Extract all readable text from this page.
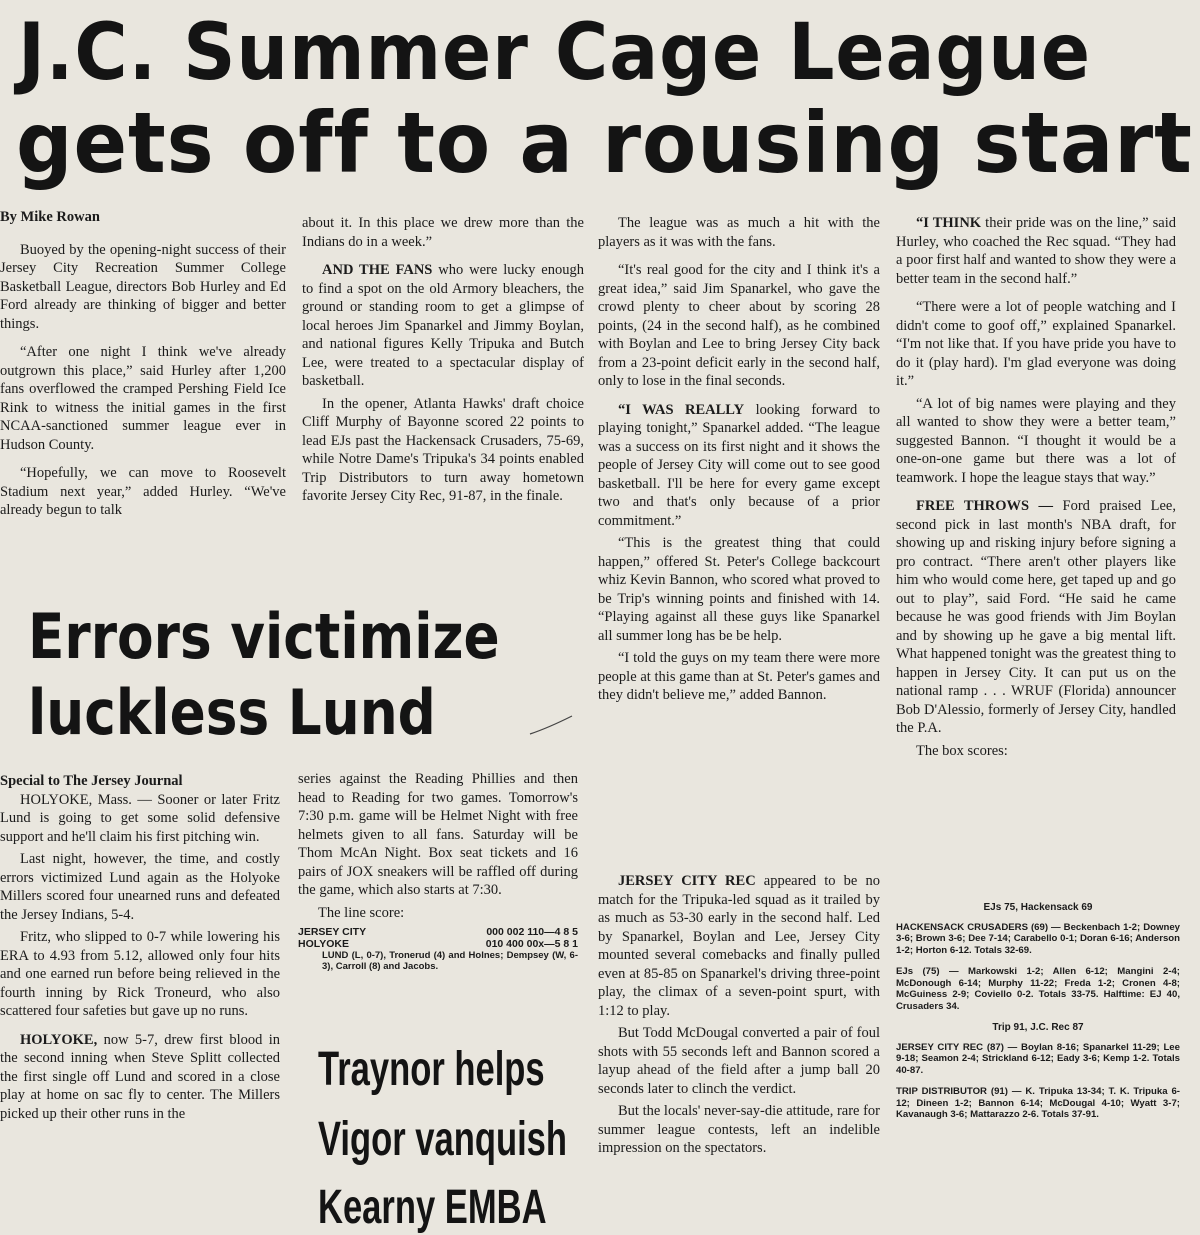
J.C. Summer Cage League
gets off to a rousing start

By Mike Rowan

Buoyed by the opening-night success of their Jersey City Recreation Summer College Basketball League, directors Bob Hurley and Ed Ford already are thinking of bigger and better things.

“After one night I think we've already outgrown this place,” said Hurley after 1,200 fans overflowed the cramped Pershing Field Ice Rink to witness the initial games in the first NCAA-sanctioned summer league ever in Hudson County.

“Hopefully, we can move to Roosevelt Stadium next year,” added Hurley. “We've already begun to talk

about it. In this place we drew more than the Indians do in a week.”

AND THE FANS who were lucky enough to find a spot on the old Armory bleachers, the ground or standing room to get a glimpse of local heroes Jim Spanarkel and Jimmy Boylan, and national figures Kelly Tripuka and Butch Lee, were treated to a spectacular display of basketball.

In the opener, Atlanta Hawks' draft choice Cliff Murphy of Bayonne scored 22 points to lead EJs past the Hackensack Crusaders, 75-69, while Notre Dame's Tripuka's 34 points enabled Trip Distributors to turn away hometown favorite Jersey City Rec, 91-87, in the finale.

The league was as much a hit with the players as it was with the fans.

“It's real good for the city and I think it's a great idea,” said Jim Spanarkel, who gave the crowd plenty to cheer about by scoring 28 points, (24 in the second half), as he combined with Boylan and Lee to bring Jersey City back from a 23-point deficit early in the second half, only to lose in the final seconds.

“I WAS REALLY looking forward to playing tonight,” Spanarkel added. “The league was a success on its first night and it shows the people of Jersey City will come out to see good basketball. I'll be here for every game except two and that's only because of a prior commitment.”

“This is the greatest thing that could happen,” offered St. Peter's College backcourt whiz Kevin Bannon, who scored what proved to be Trip's winning points and finished with 14. “Playing against all these guys like Spanarkel all summer long has be be help.

“I told the guys on my team there were more people at this game than at St. Peter's games and they didn't believe me,” added Bannon.

JERSEY CITY REC appeared to be no match for the Tripuka-led squad as it trailed by as much as 53-30 early in the second half. Led by Spanarkel, Boylan and Lee, Jersey City mounted several comebacks and finally pulled even at 85-85 on Spanarkel's driving three-point play, the climax of a seven-point spurt, with 1:12 to play.

But Todd McDougal converted a pair of foul shots with 55 seconds left and Bannon scored a layup ahead of the field after a jump ball 20 seconds later to clinch the verdict.

But the locals' never-say-die attitude, rare for summer league contests, left an indelible impression on the spectators.

“I THINK their pride was on the line,” said Hurley, who coached the Rec squad. “They had a poor first half and wanted to show they were a better team in the second half.”

“There were a lot of people watching and I didn't come to goof off,” explained Spanarkel. “I'm not like that. If you have pride you have to do it (play hard). I'm glad everyone was doing it.”

“A lot of big names were playing and they all wanted to show they were a better team,” suggested Bannon. “I thought it would be a one-on-one game but there was a lot of teamwork. I hope the league stays that way.”

FREE THROWS — Ford praised Lee, second pick in last month's NBA draft, for showing up and risking injury before signing a pro contract. “There aren't other players like him who would come here, get taped up and go out to play”, said Ford. “He said he came because he was good friends with Jim Boylan and by showing up he gave a big mental lift. What happened tonight was the greatest thing to happen in Jersey City. It can put us on the national ramp . . . WRUF (Florida) announcer Bob D'Alessio, formerly of Jersey City, handled the P.A.

The box scores:

EJs 75, Hackensack 69

HACKENSACK CRUSADERS (69) — Beckenbach 1-2; Downey 3-6; Brown 3-6; Dee 7-14; Carabello 0-1; Doran 6-16; Anderson 1-2; Horton 6-12. Totals 32-69.

EJs (75) — Markowski 1-2; Allen 6-12; Mangini 2-4; McDonough 6-14; Murphy 11-22; Freda 1-2; Cronen 4-8; McGuiness 2-9; Coviello 0-2. Totals 33-75. Halftime: EJ 40, Crusaders 34.

Trip 91, J.C. Rec 87

JERSEY CITY REC (87) — Boylan 8-16; Spanarkel 11-29; Lee 9-18; Seamon 2-4; Strickland 6-12; Eady 3-6; Kemp 1-2. Totals 40-87.

TRIP DISTRIBUTOR (91) — K. Tripuka 13-34; T. K. Tripuka 6-12; Dineen 1-2; Bannon 6-14; McDougal 4-10; Wyatt 3-7; Kavanaugh 3-6; Mattarazzo 2-6. Totals 37-91.

Errors victimize
luckless Lund

Special to The Jersey Journal

HOLYOKE, Mass. — Sooner or later Fritz Lund is going to get some solid defensive support and he'll claim his first pitching win.

Last night, however, the time, and costly errors victimized Lund again as the Holyoke Millers scored four unearned runs and defeated the Jersey Indians, 5-4.

Fritz, who slipped to 0-7 while lowering his ERA to 4.93 from 5.12, allowed only four hits and one earned run before being relieved in the fourth inning by Rick Troneurd, who also scattered four safeties but gave up no runs.

HOLYOKE, now 5-7, drew first blood in the second inning when Steve Splitt collected the first single off Lund and scored in a close play at home on sac fly to center. The Millers picked up their other runs in the

series against the Reading Phillies and then head to Reading for two games. Tomorrow's 7:30 p.m. game will be Helmet Night with free helmets given to all fans. Saturday will be Thom McAn Night. Box seat tickets and 16 pairs of JOX sneakers will be raffled off during the game, which also starts at 7:30.

The line score:

JERSEY CITY	000 002 110—4 8 5
HOLYOKE	010 400 00x—5 8 1
LUND (L, 0-7), Tronerud (4) and Holnes; Dempsey (W, 6-3), Carroll (8) and Jacobs.
Traynor helps
Vigor vanquish
Kearny EMBA
